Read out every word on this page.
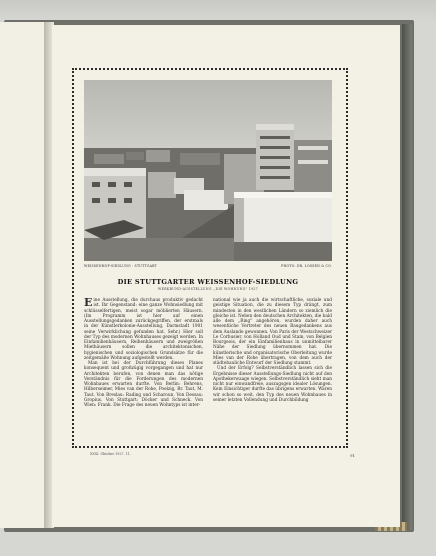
WEISSENHOF-SIEDLUNG · STUTTGART	PHOTO: DR. LOSSEN & CO.
DIE STUTTGARTER WEISSENHOF-SIEDLUNG
WERKBUND-AUSSTELLUNG ,,DIE WOHNUNG" 1927

Eine Ausstellung, die durchaus produktiv gedacht ist. Ihr Gegenstand: eine ganze Wohnsiedlung mit schlüsselfertigen, meist sogar möblierten Häusern. (Im Programm ist hier auf einen Ausstellungsgedanken zurückgegriffen, der erstmals in der Künstlerkolonie-Ausstellung, Darmstadt 1901 seine Verwirklichung gefunden hat. Sehr.) Hier soll der Typ des modernen Wohnhauses gezeigt werden. In Einfamilienhäusern, Reihenhäusern und zweigrößen Miethäusern sollen die architektonischen, hygienischen und soziologischen Grundsätze für die zeitgemäße Wohnung aufgestellt werden.

Man ist bei der Durchführung dieses Planes konsequent und großzügig vorgegangen und hat nur Architekten berufen, von denen man das nötige Verständnis für die Forderungen des modernen Wohnbaues erwarten durfte. Von Berlin: Behrens, Hilberseimer, Mies van der Rohe, Poelzig, Br. Taut, M. Taut. Von Breslau: Rading und Scharoun. Von Dessau: Gropius. Von Stuttgart: Döcker und Schneck. Von Wien: Frank. Die Frage des neuen Wohntyps ist inter-

national wie ja auch die wirtschaftliche, soziale und geistige Situation, die zu diesem Typ drängt, zum mindesten in den westlichen Ländern so ziemlich die gleiche ist. Neben den deutschen Architekten, die bald alle dem „Ring" angehören, wurden daher auch wesentliche Vertreter des neuen Baugedankens aus dem Auslande gewonnen. Von Paris der Westschweizer Le Corbusier, von Holland Oud und Stam, von Belgien Bourgeois, der ein Einfamilienhaus in unmittelbarer Nähe der Siedlung übernommen hat. Die künstlerische und organisatorische Oberleitung wurde Mies van der Rohe übertragen, von dem auch der städtebauliche Entwurf der Siedlung stammt.

Und der Erfolg? Selbstverständlich lassen sich die Ergebnisse dieser Ausstellungs-Siedlung nicht auf den Apothekerwaage wiegen. Selbstverständlich sieht man nicht nur einwandfreie, auszugsgen idealer Lösungen. Kein Einsichtiger durfte das übrigens erwarten. Wären wir schon so weit, den Typ des neuen Wohnbaues in seiner letzten Vollendung und Durchbildung

XXXI. Oktober 1927. 11.	91
